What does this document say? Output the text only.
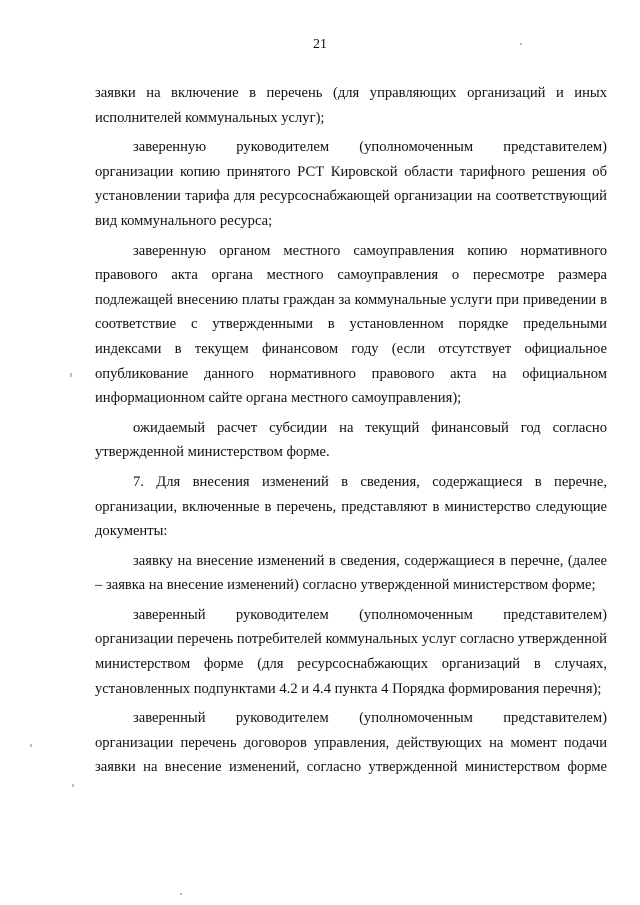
21

заявки на включение в перечень (для управляющих организаций и иных исполнителей коммунальных услуг);

заверенную руководителем (уполномоченным представителем) организации копию принятого РСТ Кировской области тарифного решения об установлении тарифа для ресурсоснабжающей организации на соответствующий вид коммунального ресурса;

заверенную органом местного самоуправления копию нормативного правового акта органа местного самоуправления о пересмотре размера подлежащей внесению платы граждан за коммунальные услуги при приведении в соответствие с утвержденными в установленном порядке предельными индексами в текущем финансовом году (если отсутствует официальное опубликование данного нормативного правового акта на официальном информационном сайте органа местного самоуправления);

ожидаемый расчет субсидии на текущий финансовый год согласно утвержденной министерством форме.

7. Для внесения изменений в сведения, содержащиеся в перечне, организации, включенные в перечень, представляют в министерство следующие документы:

заявку на внесение изменений в сведения, содержащиеся в перечне, (далее – заявка на внесение изменений) согласно утвержденной министерством форме;

заверенный руководителем (уполномоченным представителем) организации перечень потребителей коммунальных услуг согласно утвержденной министерством форме (для ресурсоснабжающих организаций в случаях, установленных подпунктами 4.2 и 4.4 пункта 4 Порядка формирования перечня);

заверенный руководителем (уполномоченным представителем) организации перечень договоров управления, действующих на момент подачи заявки на внесение изменений, согласно утвержденной министерством форме
